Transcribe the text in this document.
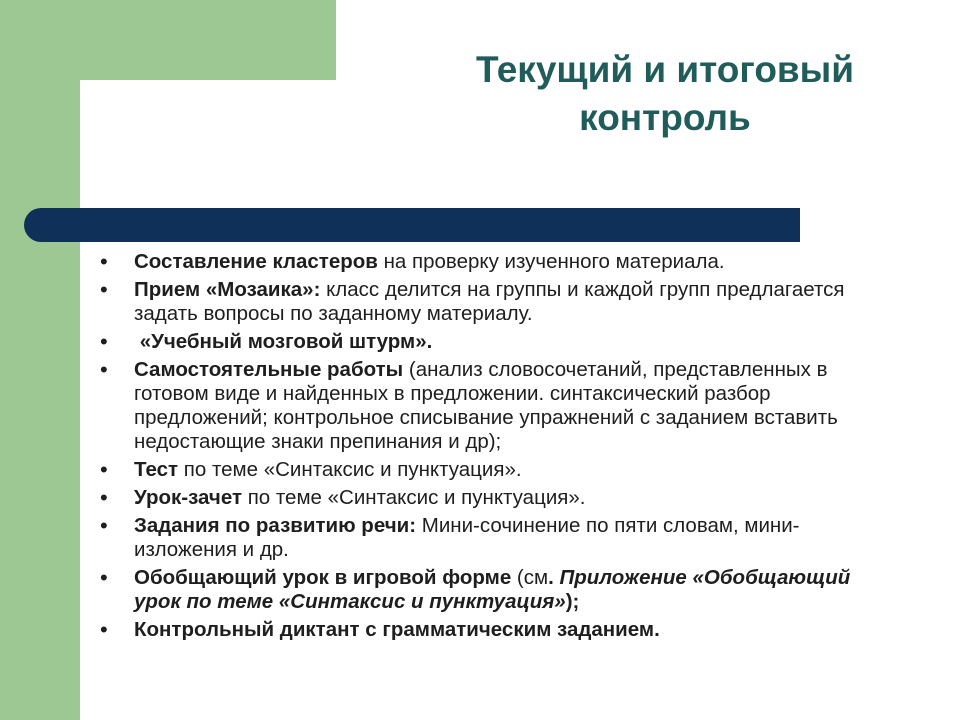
Текущий и итоговый
контроль
• Составление кластеров на проверку изученного материала.
• Прием «Мозаика»: класс делится на группы и каждой групп предлагается задать вопросы по заданному материалу.
• «Учебный мозговой штурм».
• Самостоятельные работы (анализ словосочетаний, представленных в готовом виде и найденных в предложении. синтаксический разбор предложений; контрольное списывание упражнений с заданием вставить недостающие знаки препинания и др);
• Тест по теме «Синтаксис и пунктуация».
• Урок-зачет по теме «Синтаксис и пунктуация».
• Задания по развитию речи: Мини-сочинение по пяти словам, мини-изложения и др.
• Обобщающий урок в игровой форме (см. Приложение «Обобщающий урок по теме «Синтаксис и пунктуация»);
• Контрольный диктант с грамматическим заданием.
